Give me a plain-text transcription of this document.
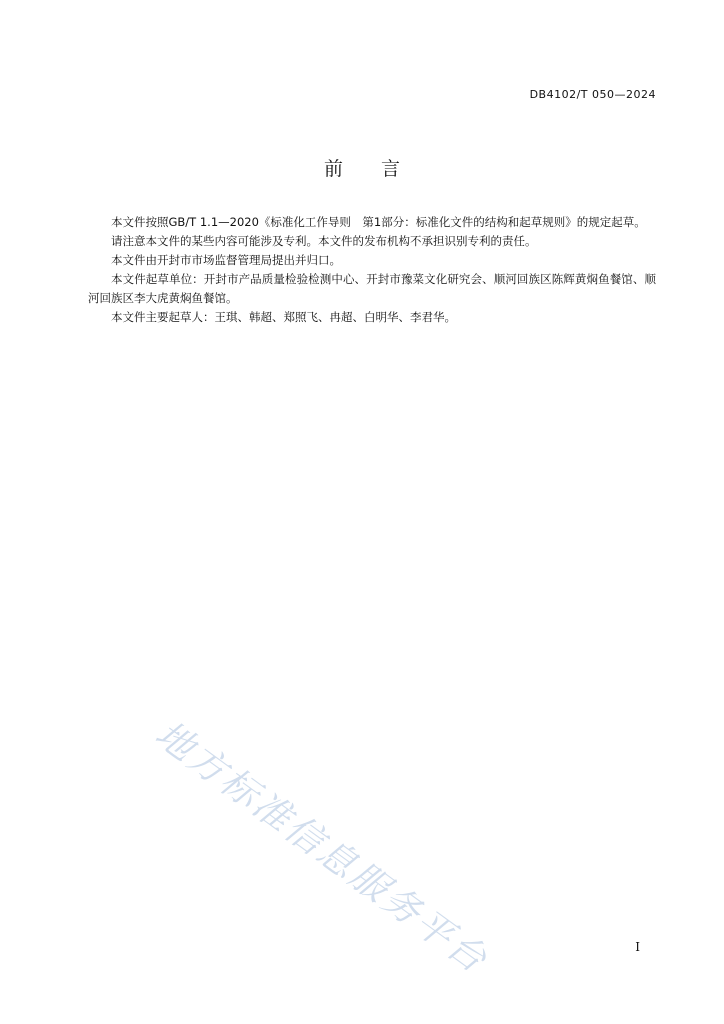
DB4102/T 050—2024
前言

本文件按照GB/T 1.1—2020《标准化工作导则　第1部分：标准化文件的结构和起草规则》的规定起草。

请注意本文件的某些内容可能涉及专利。本文件的发布机构不承担识别专利的责任。

本文件由开封市市场监督管理局提出并归口。

本文件起草单位：开封市产品质量检验检测中心、开封市豫菜文化研究会、顺河回族区陈辉黄焖鱼餐馆、顺河回族区李大虎黄焖鱼餐馆。

本文件主要起草人：王琪、韩超、郑照飞、冉超、白明华、李君华。

地方标准信息服务平台	I
